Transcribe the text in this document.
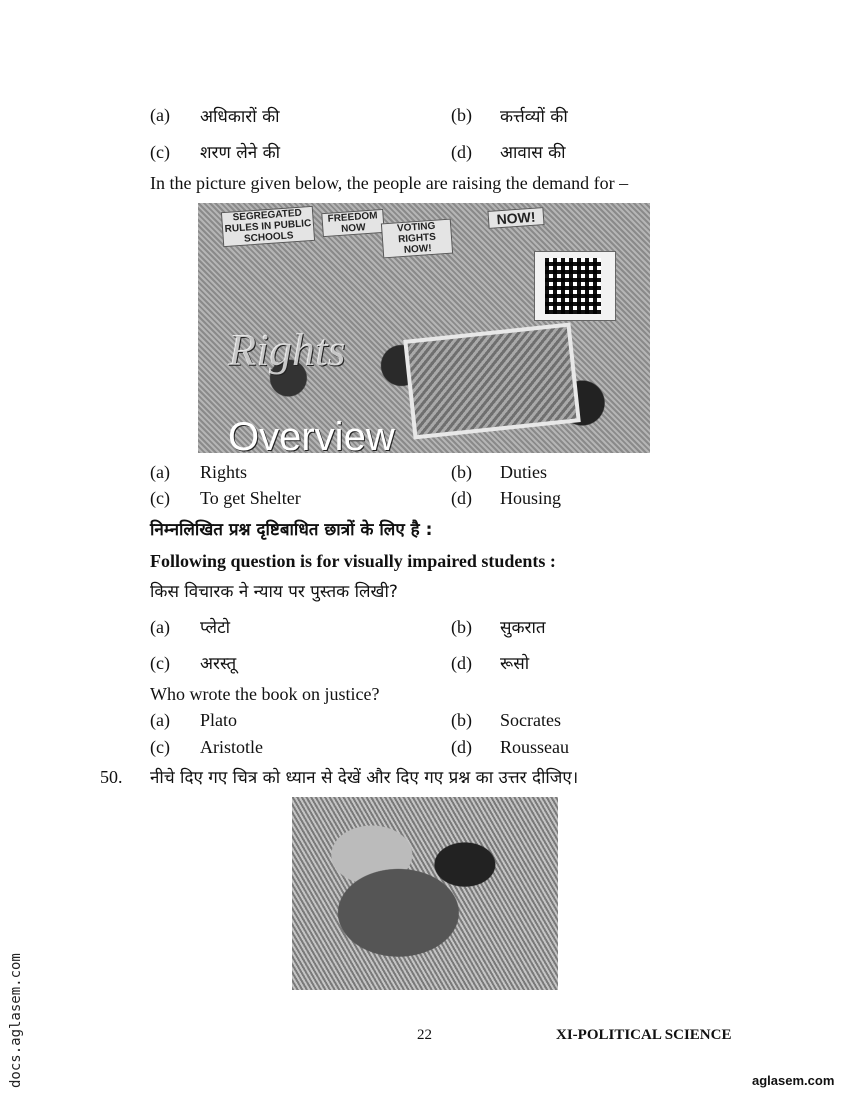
(a) अधिकारों की	(b) कर्त्तव्यों की
(c) शरण लेने की	(d) आवास की
In the picture given below, the people are raising the demand for –
SEGREGATED RULES IN PUBLIC SCHOOLS
FREEDOM NOW	VOTING RIGHTS NOW!
NOW!
Rights
Overview
(a) Rights	(b) Duties
(c) To get Shelter	(d) Housing
निम्नलिखित प्रश्न दृष्टिबाधित छात्रों के लिए है :
Following question is for visually impaired students :
किस विचारक ने न्याय पर पुस्तक लिखी?
(a) प्लेटो	(b) सुकरात
(c) अरस्तू	(d) रूसो
Who wrote the book on justice?
(a) Plato	(b) Socrates
(c) Aristotle	(d) Rousseau
50. नीचे दिए गए चित्र को ध्यान से देखें और दिए गए प्रश्न का उत्तर दीजिए।
22	XI-POLITICAL SCIENCE
docs.aglasem.com	aglasem.com
